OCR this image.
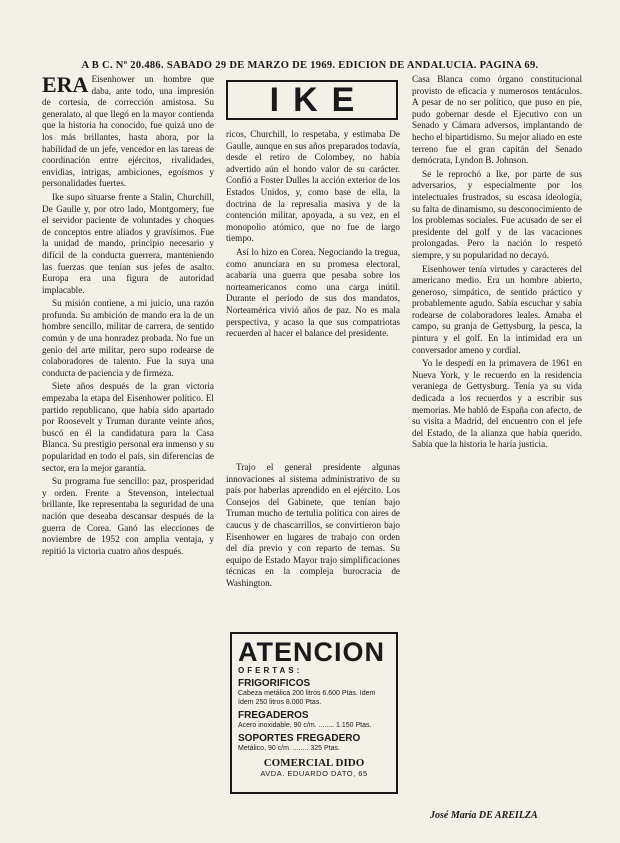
A B C. Nº 20.486. SABADO 29 DE MARZO DE 1969. EDICION DE ANDALUCIA. PAGINA 69.

ERA Eisenhower un hombre que daba, ante todo, una impresión de cortesía, de corrección amistosa. Su generalato, al que llegó en la mayor contienda que la historia ha conocido, fue quizá uno de los más brillantes, hasta ahora, por la habilidad de un jefe, vencedor en las tareas de coordinación entre ejércitos, rivalidades, envidias, intrigas, ambiciones, egoísmos y personalidades fuertes.

Ike supo situarse frente a Stalin, Churchill, De Gaulle y, por otro lado, Montgomery, fue el servidor paciente de voluntades y choques de conceptos entre aliados y gravísimos. Fue la unidad de mando, principio necesario y difícil de la conducta guerrera, manteniendo las fuerzas que tenían sus jefes de asalto. Europa era una figura de autoridad implacable.

Su misión contiene, a mi juicio, una razón profunda. Su ambición de mando era la de un hombre sencillo, militar de carrera, de sentido común y de una honradez probada. No fue un genio del arte militar, pero supo rodearse de colaboradores de talento. Fue la suya una conducta de paciencia y de firmeza.

Siete años después de la gran victoria empezaba la etapa del Eisenhower político. El partido republicano, que había sido apartado por Roosevelt y Truman durante veinte años, buscó en él la candidatura para la Casa Blanca. Su prestigio personal era inmenso y su popularidad en todo el país, sin diferencias de sector, era la mejor garantía.

Su programa fue sencillo: paz, prosperidad y orden. Frente a Stevenson, intelectual brillante, Ike representaba la seguridad de una nación que deseaba descansar después de la guerra de Corea. Ganó las elecciones de noviembre de 1952 con amplia ventaja, y repitió la victoria cuatro años después.

IKE

ricos, Churchill, lo respetaba, y estimaba De Gaulle, aunque en sus años preparados todavía, desde el retiro de Colombey, no había advertido aún el hondo valor de su carácter. Confió a Foster Dulles la acción exterior de los Estados Unidos, y, como base de ella, la doctrina de la represalia masiva y de la contención militar, apoyada, a su vez, en el monopolio atómico, que no fue de largo tiempo.

Así lo hizo en Corea. Negociando la tregua, como anunciara en su promesa electoral, acabaría una guerra que pesaba sobre los norteamericanos como una carga inútil. Durante el período de sus dos mandatos, Norteamérica vivió años de paz. No es mala perspectiva, y acaso la que sus compatriotas recuerden al hacer el balance del presidente.

Trajo el general presidente algunas innovaciones al sistema administrativo de su país por haberlas aprendido en el ejército. Los Consejos del Gabinete, que tenían bajo Truman mucho de tertulia política con aires de caucus y de chascarrillos, se convirtieron bajo Eisenhower en lugares de trabajo con orden del día previo y con reparto de temas. Su equipo de Estado Mayor trajo simplificaciones técnicas en la compleja burocracia de Washington.

ATENCION
OFERTAS:
FRIGORIFICOS
Cabeza metálica 200 litros 6.600 Ptas. Idem ídem 250 litros 8.000 Ptas.
FREGADEROS
Acero inoxidable, 90 c/m. ........ 1.150 Ptas.
SOPORTES FREGADERO
Metálico, 90 c/m. ........ 325 Ptas.
COMERCIAL DIDO
AVDA. EDUARDO DATO, 65

Casa Blanca como órgano constitucional provisto de eficacia y numerosos tentáculos. A pesar de no ser político, que puso en pie, pudo gobernar desde el Ejecutivo con un Senado y Cámara adversos, implantando de hecho el bipartidismo. Su mejor aliado en este terreno fue el gran capitán del Senado demócrata, Lyndon B. Johnson.

Se le reprochó a Ike, por parte de sus adversarios, y especialmente por los intelectuales frustrados, su escasa ideología, su falta de dinamismo, su desconocimiento de los problemas sociales. Fue acusado de ser el presidente del golf y de las vacaciones prolongadas. Pero la nación lo respetó siempre, y su popularidad no decayó.

Eisenhower tenía virtudes y caracteres del americano medio. Era un hombre abierto, generoso, simpático, de sentido práctico y probablemente agudo. Sabía escuchar y sabía rodearse de colaboradores leales. Amaba el campo, su granja de Gettysburg, la pesca, la pintura y el golf. En la intimidad era un conversador ameno y cordial.

Yo le despedí en la primavera de 1961 en Nueva York, y le recuerdo en la residencia veraniega de Gettysburg. Tenía ya su vida dedicada a los recuerdos y a escribir sus memorias. Me habló de España con afecto, de su visita a Madrid, del encuentro con el jefe del Estado, de la alianza que había querido. Sabía que la historia le haría justicia.

José María DE AREILZA
